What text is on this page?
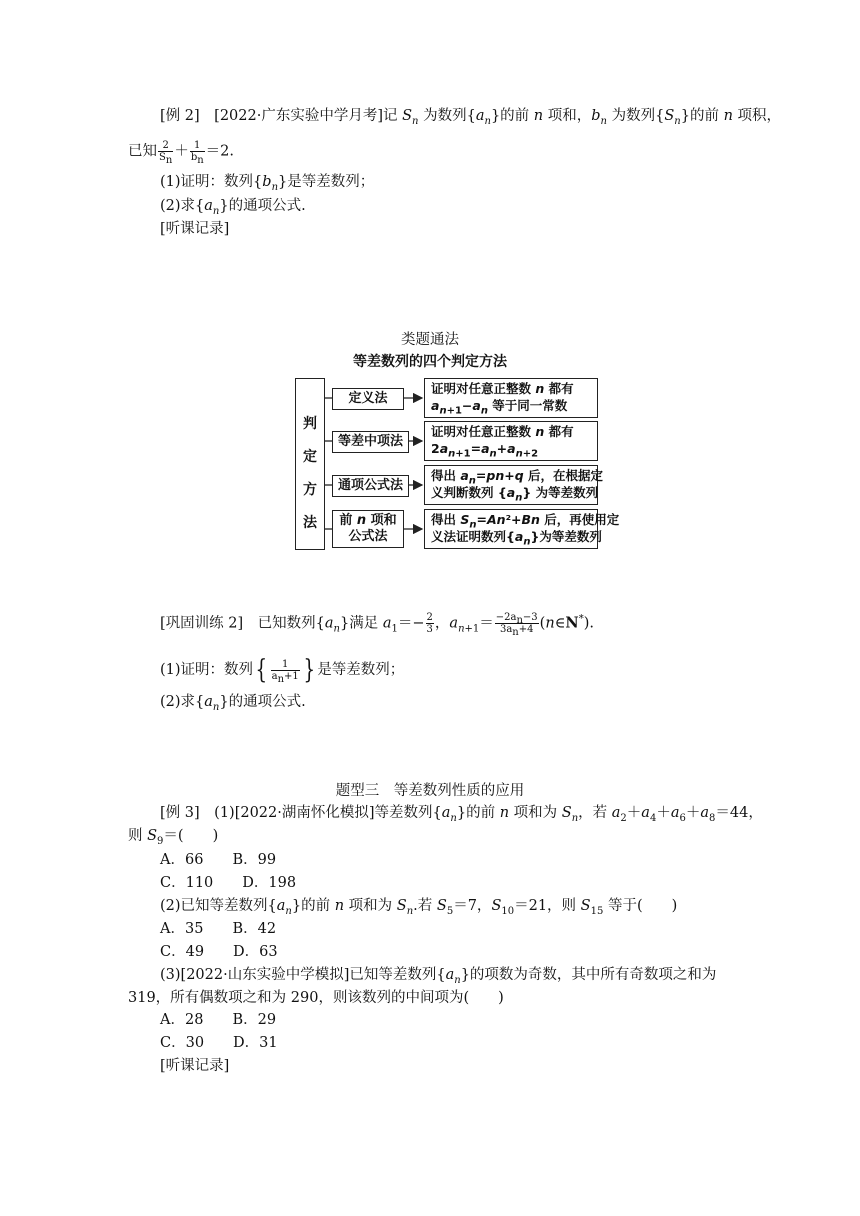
[例 2]　 [2022·广东实验中学月考]记 $S_n$ 为数列$\{a_n\}$的前 n 项和，$b_n$ 为数列$\{S_n\}$的前 n 项积，
已知 $\frac{2}{S_n} + \frac{1}{b_n} =2$.
(1)证明：数列$\{b_n\}$是等差数列；
(2)求$\{a_n\}$的通项公式.
[听课记录]
类题通法
等差数列的四个判定方法
判
定
方
法
定义法
证明对任意正整数 n 都有
$a_{n+1}-a_n$ 等于同一常数
等差中项法
证明对任意正整数 n 都有
$2a_{n+1}=a_n+a_{n+2}$
通项公式法
得出 $a_n=pn+q$ 后，在根据定
义判断数列 $\{a_n\}$ 为等差数列
前 n 项和
公式法
得出 $S_n=An^2+Bn$ 后，再使用定
义法证明数列$\{a_n\}$为等差数列
[巩固训练 2]　已知数列$\{a_n\}$满足 $a_1=- \frac{2}{3}$ ，$a_{n+1}= \frac{-2a_n-3}{3a_n+4}$ (n∈N*).
(1)证明：数列{ $\frac{1}{a_n+1}$ } 是等差数列；
(2)求$\{a_n\}$的通项公式.
题型三　等差数列性质的应用
[例 3]　(1)[2022·湖南怀化模拟]等差数列$\{a_n\}$的前 n 项和为 $S_n$，若 $a_2+a_4+a_6+a_8=44$，
则 $S_9=$(　　)
A．66　　 B．99
C．110　　 D．198
(2)已知等差数列$\{a_n\}$的前 n 项和为 $S_n$.若 $S_5=7$，$S_{10}=21$，则 $S_{15}$ 等于(　　)
A．35　　 B．42
C．49　　 D．63
(3)[2022·山东实验中学模拟]已知等差数列$\{a_n\}$的项数为奇数，其中所有奇数项之和为
319，所有偶数项之和为 290，则该数列的中间项为(　　)
A．28　　 B．29
C．30　　 D．31
[听课记录]
